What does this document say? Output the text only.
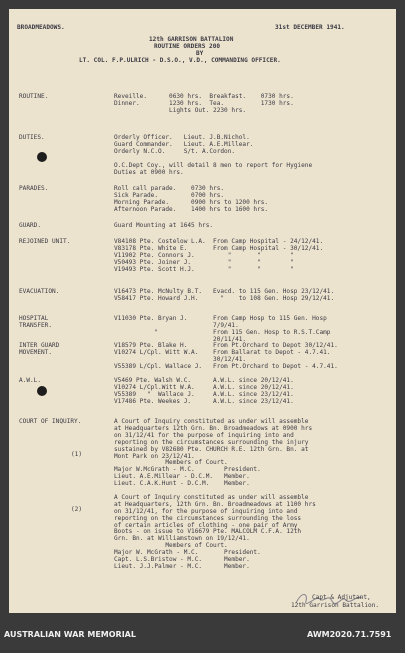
BROADMEADOWS.	31st DECEMBER 1941.
12th GARRISON BATTALION
ROUTINE ORDERS 200
BY
LT. COL. F.P.ULRICH - D.S.O., V.D., COMMANDING OFFICER.
ROUTINE.	Reveille.      0630 hrs.  Breakfast.    0730 hrs.
Dinner.        1230 hrs.  Tea.          1730 hrs.
Lights Out. 2230 hrs.
DUTIES.	Orderly Officer.   Lieut. J.B.Nichol.
Guard Commander.   Lieut. A.E.Millear.
Orderly N.C.O.     S/t. A.Cordon.
O.C.Dept Coy., will detail 8 men to report for Hygiene
Duties at 0900 hrs.
PARADES.	Roll call parade.    0730 hrs.
Sick Parade.         0700 hrs.
Morning Parade.      0900 hrs to 1200 hrs.
Afternoon Parade.    1400 hrs to 1600 hrs.
GUARD.	Guard Mounting at 1645 hrs.
REJOINED UNIT.	V84108 Pte. Costelow L.A.  From Camp Hospital - 24/12/41.
V83178 Pte. White E.       From Camp Hospital - 30/12/41.
V11902 Pte. Connors J.         "       "        "
V50493 Pte. Joiner J.          "       "        "
V19493 Pte. Scott H.J.         "       "        "
EVACUATION.	V16473 Pte. McNulty B.T.   Evacd. to 115 Gen. Hosp 23/12/41.
V58417 Pte. Howard J.H.      "    to 108 Gen. Hosp 29/12/41.
HOSPITAL
TRANSFER.
V11030 Pte. Bryan J.       From Camp Hosp to 115 Gen. Hosp
7/9/41.
"               From 115 Gen. Hosp to R.S.T.Camp
20/11/41.
INTER GUARD
MOVEMENT.
V18579 Pte. Blake H.       From Pt.Orchard to Depot 30/12/41.
V10274 L/Cpl. Witt W.A.    From Ballarat to Depot - 4.7.41.
30/12/41.
V55389 L/Cpl. Wallace J.   From Pt.Orchard to Depot - 4.7.41.
A.W.L.	V5469 Pte. Walsh W.C.      A.W.L. since 20/12/41.
V10274 L/Cpl.Witt W.A.     A.W.L. since 20/12/41.
V55389   "  Wallace J.     A.W.L. since 23/12/41.
V17486 Pte. Weekes J.      A.W.L. since 23/12/41.
COURT OF INQUIRY.	A Court of Inquiry constituted as under will assemble
at Headquarters 12th Grn. Bn. Broadmeadows at 0900 hrs
on 31/12/41 for the purpose of inquiring into and
reporting on the circumstances surrounding the injury
sustained by V82680 Pte. CHURCH R.E. 12th Grn. Bn. at
Mont Park on 23/12/41.
Members of Court.
Major W.McGrath - M.C.        President.
Lieut. A.E.Millear - D.C.M.   Member.
Lieut. C.A.K.Hunt - D.C.M.    Member.
A Court of Inquiry constituted as under will assemble
at Headquarters, 12th Grn. Bn. Broadmeadows at 1100 hrs
on 31/12/41, for the purpose of inquiring into and
reporting on the circumstances surrounding the loss
of certain articles of clothing - one pair of Army
Boots - on issue to V16679 Pte. MALCOLM C.F.A. 12th
Grn. Bn. at Williamstown on 19/12/41.
Members of Court.
Major W. McGrath - M.C.       President.
Capt. L.S.Bristow - M.C.      Member.
Lieut. J.J.Palmer - M.C.      Member.
(1)
(2)
Capt & Adjutant,
12th Garrison Battalion.
AUSTRALIAN WAR MEMORIAL	AWM2020.71.7591
